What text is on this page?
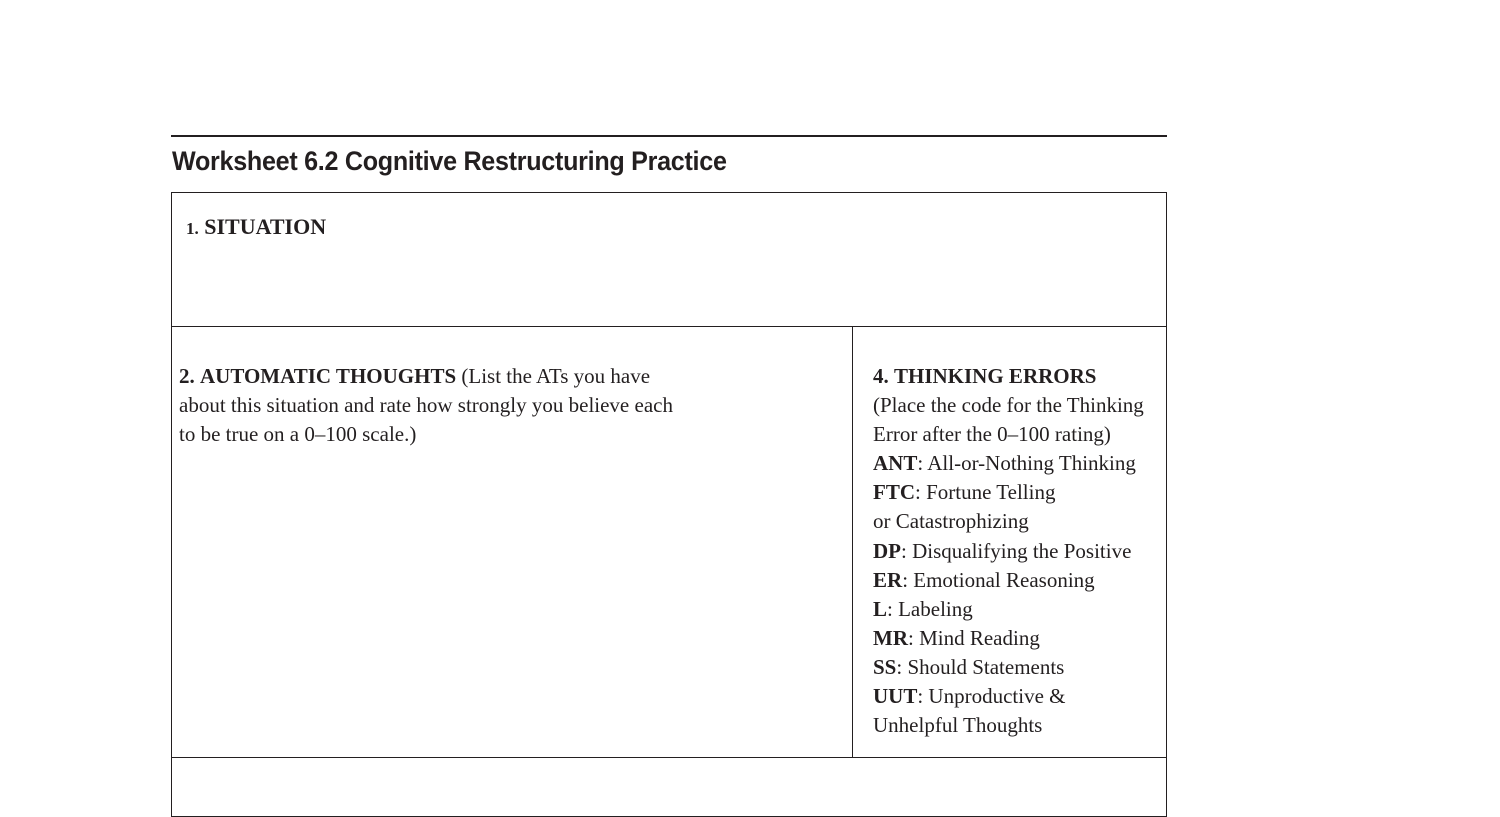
Worksheet 6.2 Cognitive Restructuring Practice
1. SITUATION

2. AUTOMATIC THOUGHTS (List the ATs you have
about this situation and rate how strongly you believe each
to be true on a 0–100 scale.)

4. THINKING ERRORS
(Place the code for the Thinking
Error after the 0–100 rating)
ANT: All-or-Nothing Thinking
FTC: Fortune Telling
or Catastrophizing
DP: Disqualifying the Positive
ER: Emotional Reasoning
L: Labeling
MR: Mind Reading
SS: Should Statements
UUT: Unproductive &
Unhelpful Thoughts
